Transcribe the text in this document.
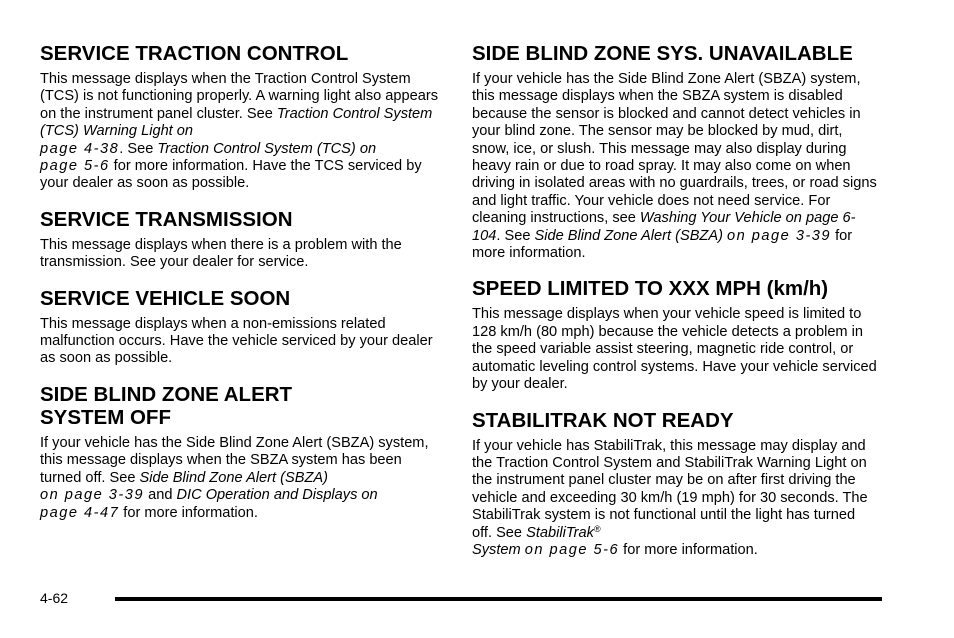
SERVICE TRACTION CONTROL

This message displays when the Traction Control System (TCS) is not functioning properly. A warning light also appears on the instrument panel cluster. See Traction Control System (TCS) Warning Light on
page 4-38. See Traction Control System (TCS) on
page 5-6 for more information. Have the TCS serviced by your dealer as soon as possible.

SERVICE TRANSMISSION

This message displays when there is a problem with the transmission. See your dealer for service.

SERVICE VEHICLE SOON

This message displays when a non-emissions related malfunction occurs. Have the vehicle serviced by your dealer as soon as possible.

SIDE BLIND ZONE ALERT
SYSTEM OFF

If your vehicle has the Side Blind Zone Alert (SBZA) system, this message displays when the SBZA system has been turned off. See Side Blind Zone Alert (SBZA)
on page 3-39 and DIC Operation and Displays on
page 4-47 for more information.

SIDE BLIND ZONE SYS. UNAVAILABLE

If your vehicle has the Side Blind Zone Alert (SBZA) system, this message displays when the SBZA system is disabled because the sensor is blocked and cannot detect vehicles in your blind zone. The sensor may be blocked by mud, dirt, snow, ice, or slush. This message may also display during heavy rain or due to road spray. It may also come on when driving in isolated areas with no guardrails, trees, or road signs and light traffic. Your vehicle does not need service. For cleaning instructions, see Washing Your Vehicle on page 6-104. See Side Blind Zone Alert (SBZA) on page 3-39 for more information.

SPEED LIMITED TO XXX MPH (km/h)

This message displays when your vehicle speed is limited to 128 km/h (80 mph) because the vehicle detects a problem in the speed variable assist steering, magnetic ride control, or automatic leveling control systems. Have your vehicle serviced by your dealer.

STABILITRAK NOT READY

If your vehicle has StabiliTrak, this message may display and the Traction Control System and StabiliTrak Warning Light on the instrument panel cluster may be on after first driving the vehicle and exceeding 30 km/h (19 mph) for 30 seconds. The StabiliTrak system is not functional until the light has turned off. See StabiliTrak®
System on page 5-6 for more information.

4-62
